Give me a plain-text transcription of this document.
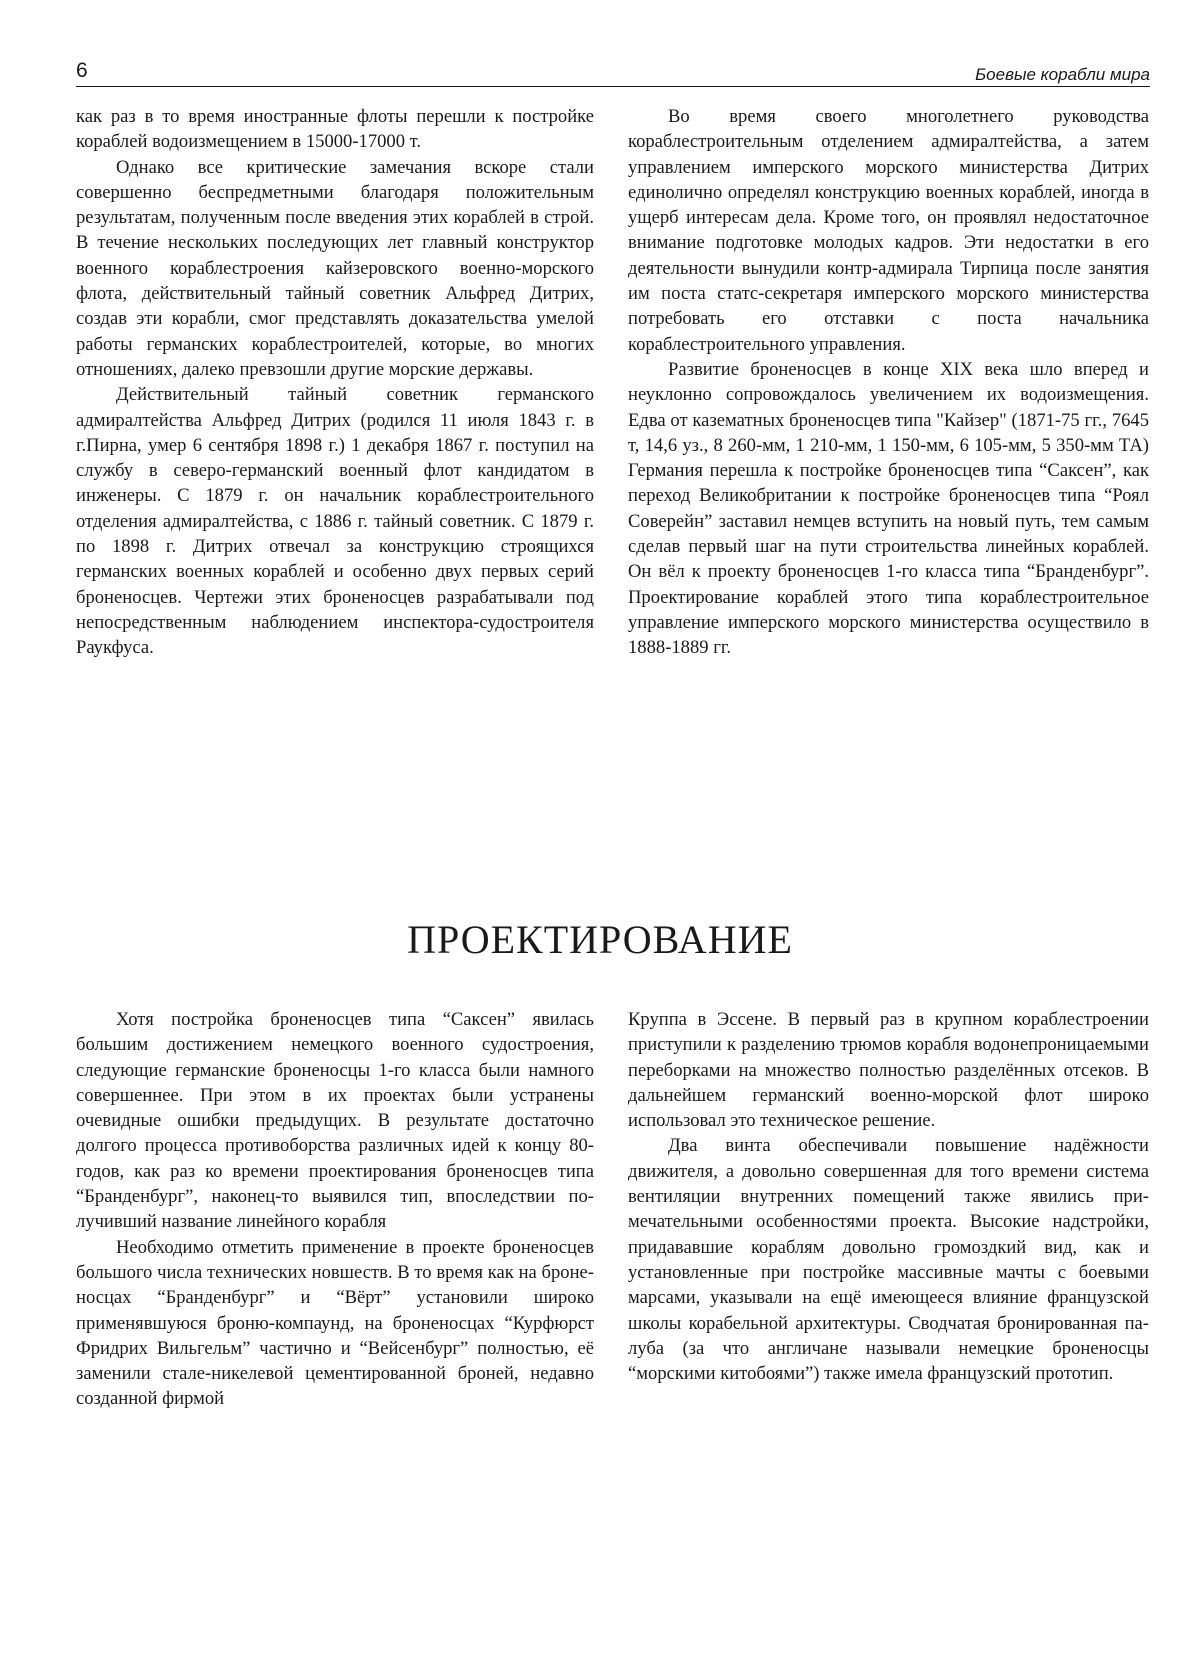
6	Боевые корабли мира

как раз в то время иностранные флоты перешли к постройке кораблей водоизмещением в 15000-17000 т.

Однако все критические замечания вскоре стали совершенно беспредметными благодаря положительным результатам, полученным после введения этих кораблей в строй. В течение нескольких последующих лет главный конструктор военного кораблестроения кайзеровского военно-морского флота, действительный тайный советник Альфред Дитрих, создав эти корабли, смог представлять доказательства умелой работы германских кораблестроителей, которые, во многих отношениях, далеко превзошли другие морские державы.

Действительный тайный советник германского адмиралтейства Альфред Дитрих (родился 11 июля 1843 г. в г.Пирна, умер 6 сентября 1898 г.) 1 декабря 1867 г. поступил на службу в северо-германский военный флот кандидатом в инженеры. С 1879 г. он начальник кораблестроительного отделения адмиралтейства, с 1886 г. тайный советник. С 1879 г. по 1898 г. Дитрих отвечал за конструкцию строящихся германских военных кораблей и особенно двух первых серий броненосцев. Чертежи этих броненосцев разрабатывали под непосредственным наблюдением инспектора-судостроителя Раукфуса.

Во время своего многолетнего руководства кораблестроительным отделением адмиралтейства, а затем управлением имперского морского министерства Дитрих единолично определял конструкцию военных кораблей, иногда в ущерб интересам дела. Кроме того, он проявлял недостаточное внимание подготовке молодых кадров. Эти недостатки в его деятельности вынудили контр-адмирала Тирпица после занятия им поста статс-секретаря имперского морского министерства потребовать его отставки с поста начальника кораблестроительного управления.

Развитие броненосцев в конце XIX века шло вперед и неуклонно сопровождалось увеличением их водоизмещения. Едва от казематных броненосцев типа "Кайзер" (1871-75 гг., 7645 т, 14,6 уз., 8 260-мм, 1 210-мм, 1 150-мм, 6 105-мм, 5 350-мм ТА) Германия перешла к постройке броненосцев типа “Саксен”, как переход Великобритании к постройке броненосцев типа “Роял Соверейн” заставил немцев вступить на новый путь, тем самым сделав первый шаг на пути строительства линейных кораблей. Он вёл к проекту броненосцев 1-го класса типа “Бранденбург”. Проектирование кораблей этого типа кораблестроительное управление имперского морского министерства осуществило в 1888-1889 гг.

ПРОЕКТИРОВАНИЕ

Хотя постройка броненосцев типа “Саксен” явилась большим достижением немецкого военного судостроения, следующие германские броненосцы 1-го класса были намного совершеннее. При этом в их проектах были устранены очевидные ошибки предыдущих. В результате достаточно долгого процесса противоборства различных идей к концу 80-годов, как раз ко времени проектирования броненосцев типа “Бранденбург”, наконец-то выявился тип, впоследствии получивший название линейного корабля

Необходимо отметить применение в проекте броненосцев большого числа технических новшеств. В то время как на броненосцах “Бранденбург” и “Вёрт” установили широко применявшуюся броню-компаунд, на броненосцах “Курфюрст Фридрих Вильгельм” частично и “Вейсенбург” полностью, её заменили стале-никелевой цементированной броней, недавно созданной фирмой

Круппа в Эссене. В первый раз в крупном кораблестроении приступили к разделению трюмов корабля водонепроницаемыми переборками на множество полностью разделённых отсеков. В дальнейшем германский военно-морской флот широко использовал это техническое решение.

Два винта обеспечивали повышение надёжности движителя, а довольно совершенная для того времени система вентиляции внутренних помещений также явились примечательными особенностями проекта. Высокие надстройки, придававшие кораблям довольно громоздкий вид, как и установленные при постройке массивные мачты с боевыми марсами, указывали на ещё имеющееся влияние французской школы корабельной архитектуры. Сводчатая бронированная палуба (за что англичане называли немецкие броненосцы “морскими китобоями”) также имела французский прототип.
